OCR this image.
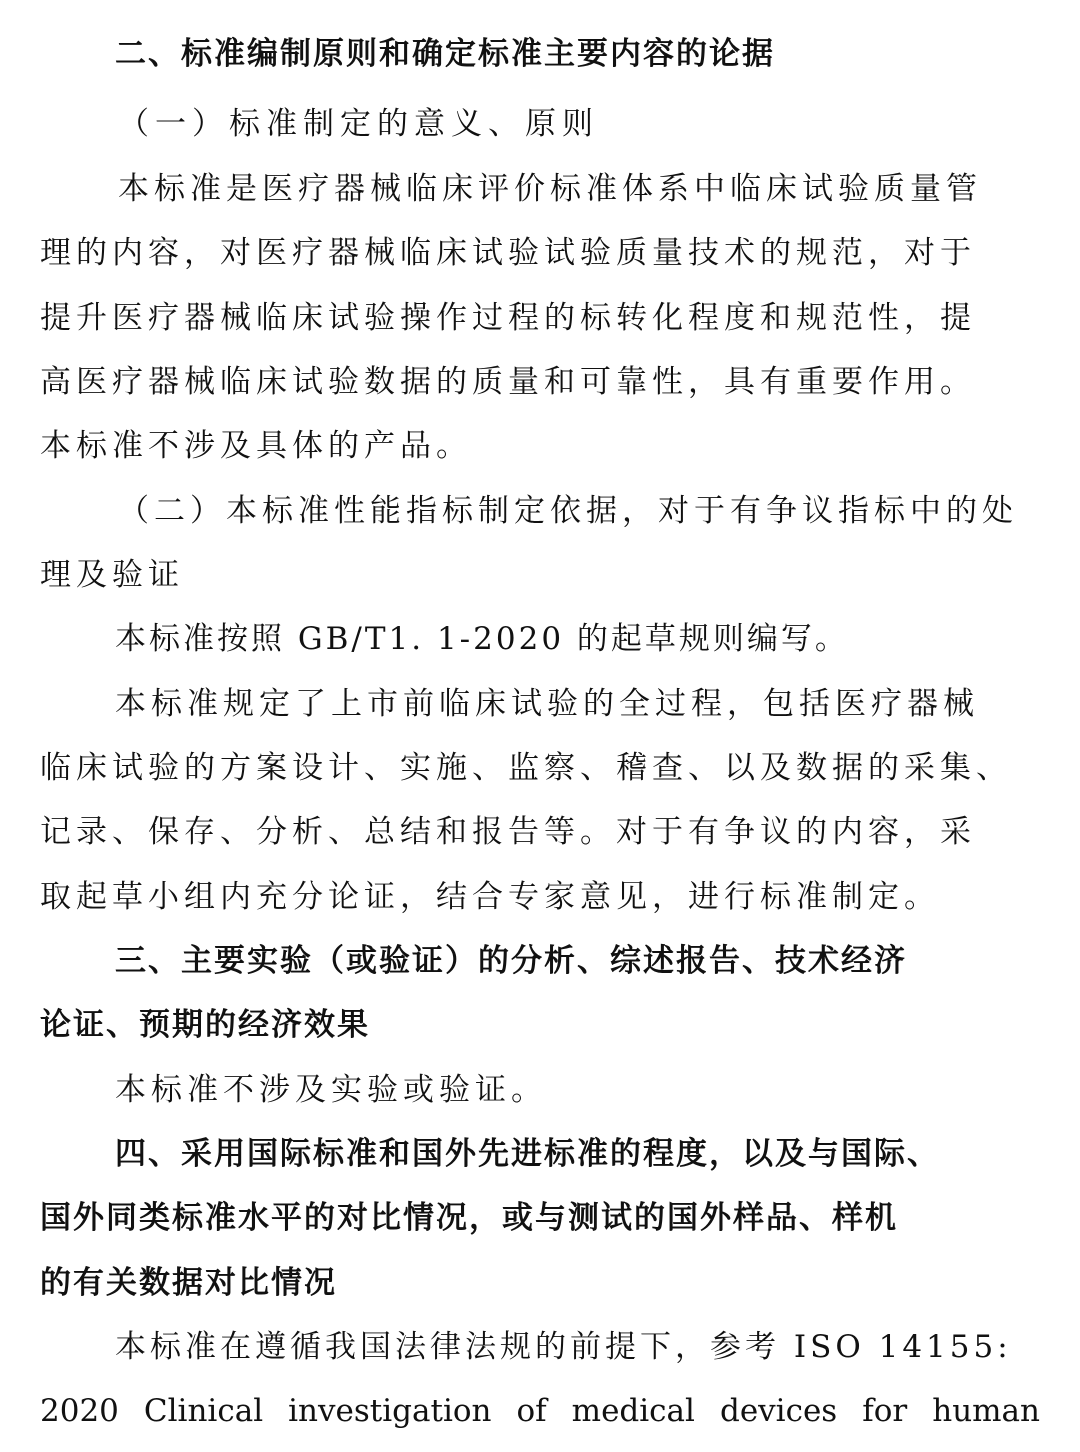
二、标准编制原则和确定标准主要内容的论据
（一）标准制定的意义、原则
本标准是医疗器械临床评价标准体系中临床试验质量管
理的内容，对医疗器械临床试验试验质量技术的规范，对于
提升医疗器械临床试验操作过程的标转化程度和规范性，提
高医疗器械临床试验数据的质量和可靠性，具有重要作用。
本标准不涉及具体的产品。
（二）本标准性能指标制定依据，对于有争议指标中的处
理及验证
本标准按照 GB/T1. 1-2020 的起草规则编写。
本标准规定了上市前临床试验的全过程，包括医疗器械
临床试验的方案设计、实施、监察、稽查、以及数据的采集、
记录、保存、分析、总结和报告等。对于有争议的内容，采
取起草小组内充分论证，结合专家意见，进行标准制定。
三、主要实验（或验证）的分析、综述报告、技术经济
论证、预期的经济效果
本标准不涉及实验或验证。
四、采用国际标准和国外先进标准的程度，以及与国际、
国外同类标准水平的对比情况，或与测试的国外样品、样机
的有关数据对比情况
本标准在遵循我国法律法规的前提下，参考 ISO 14155:
2020 Clinical investigation of medical devices for human
